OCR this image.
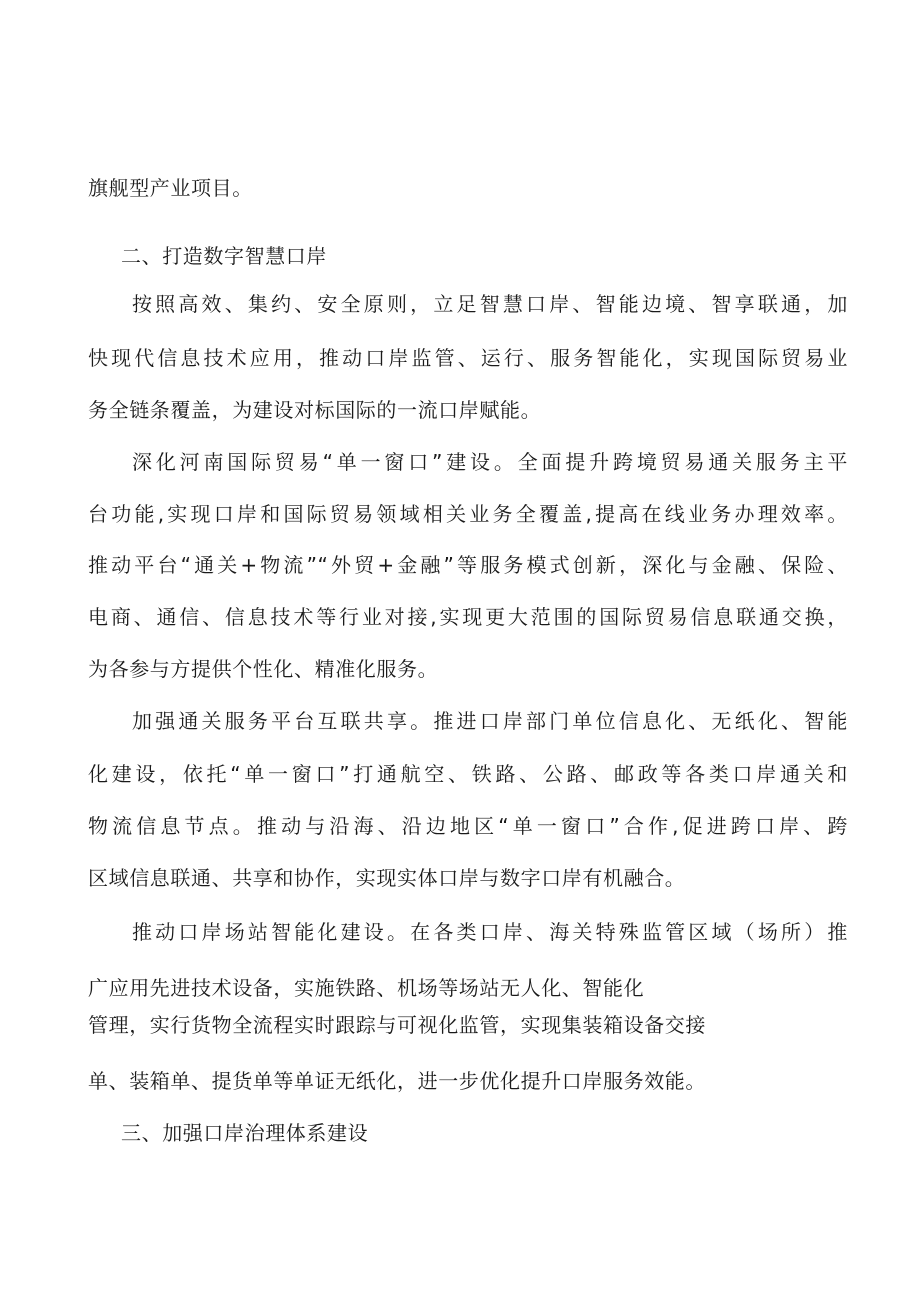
旗舰型产业项目。
二、打造数字智慧口岸
按照高效、集约、安全原则，立足智慧口岸、智能边境、智享联通，加
快现代信息技术应用，推动口岸监管、运行、服务智能化，实现国际贸易业
务全链条覆盖，为建设对标国际的一流口岸赋能。
深化河南国际贸易“单一窗口”建设。全面提升跨境贸易通关服务主平
台功能,实现口岸和国际贸易领域相关业务全覆盖,提高在线业务办理效率。
推动平台“通关+物流”“外贸+金融”等服务模式创新，深化与金融、保险、
电商、通信、信息技术等行业对接,实现更大范围的国际贸易信息联通交换，
为各参与方提供个性化、精准化服务。
加强通关服务平台互联共享。推进口岸部门单位信息化、无纸化、智能
化建设，依托“单一窗口”打通航空、铁路、公路、邮政等各类口岸通关和
物流信息节点。推动与沿海、沿边地区“单一窗口”合作,促进跨口岸、跨
区域信息联通、共享和协作，实现实体口岸与数字口岸有机融合。
推动口岸场站智能化建设。在各类口岸、海关特殊监管区域（场所）推
广应用先进技术设备，实施铁路、机场等场站无人化、智能化
管理，实行货物全流程实时跟踪与可视化监管，实现集装箱设备交接
单、装箱单、提货单等单证无纸化，进一步优化提升口岸服务效能。
三、加强口岸治理体系建设
